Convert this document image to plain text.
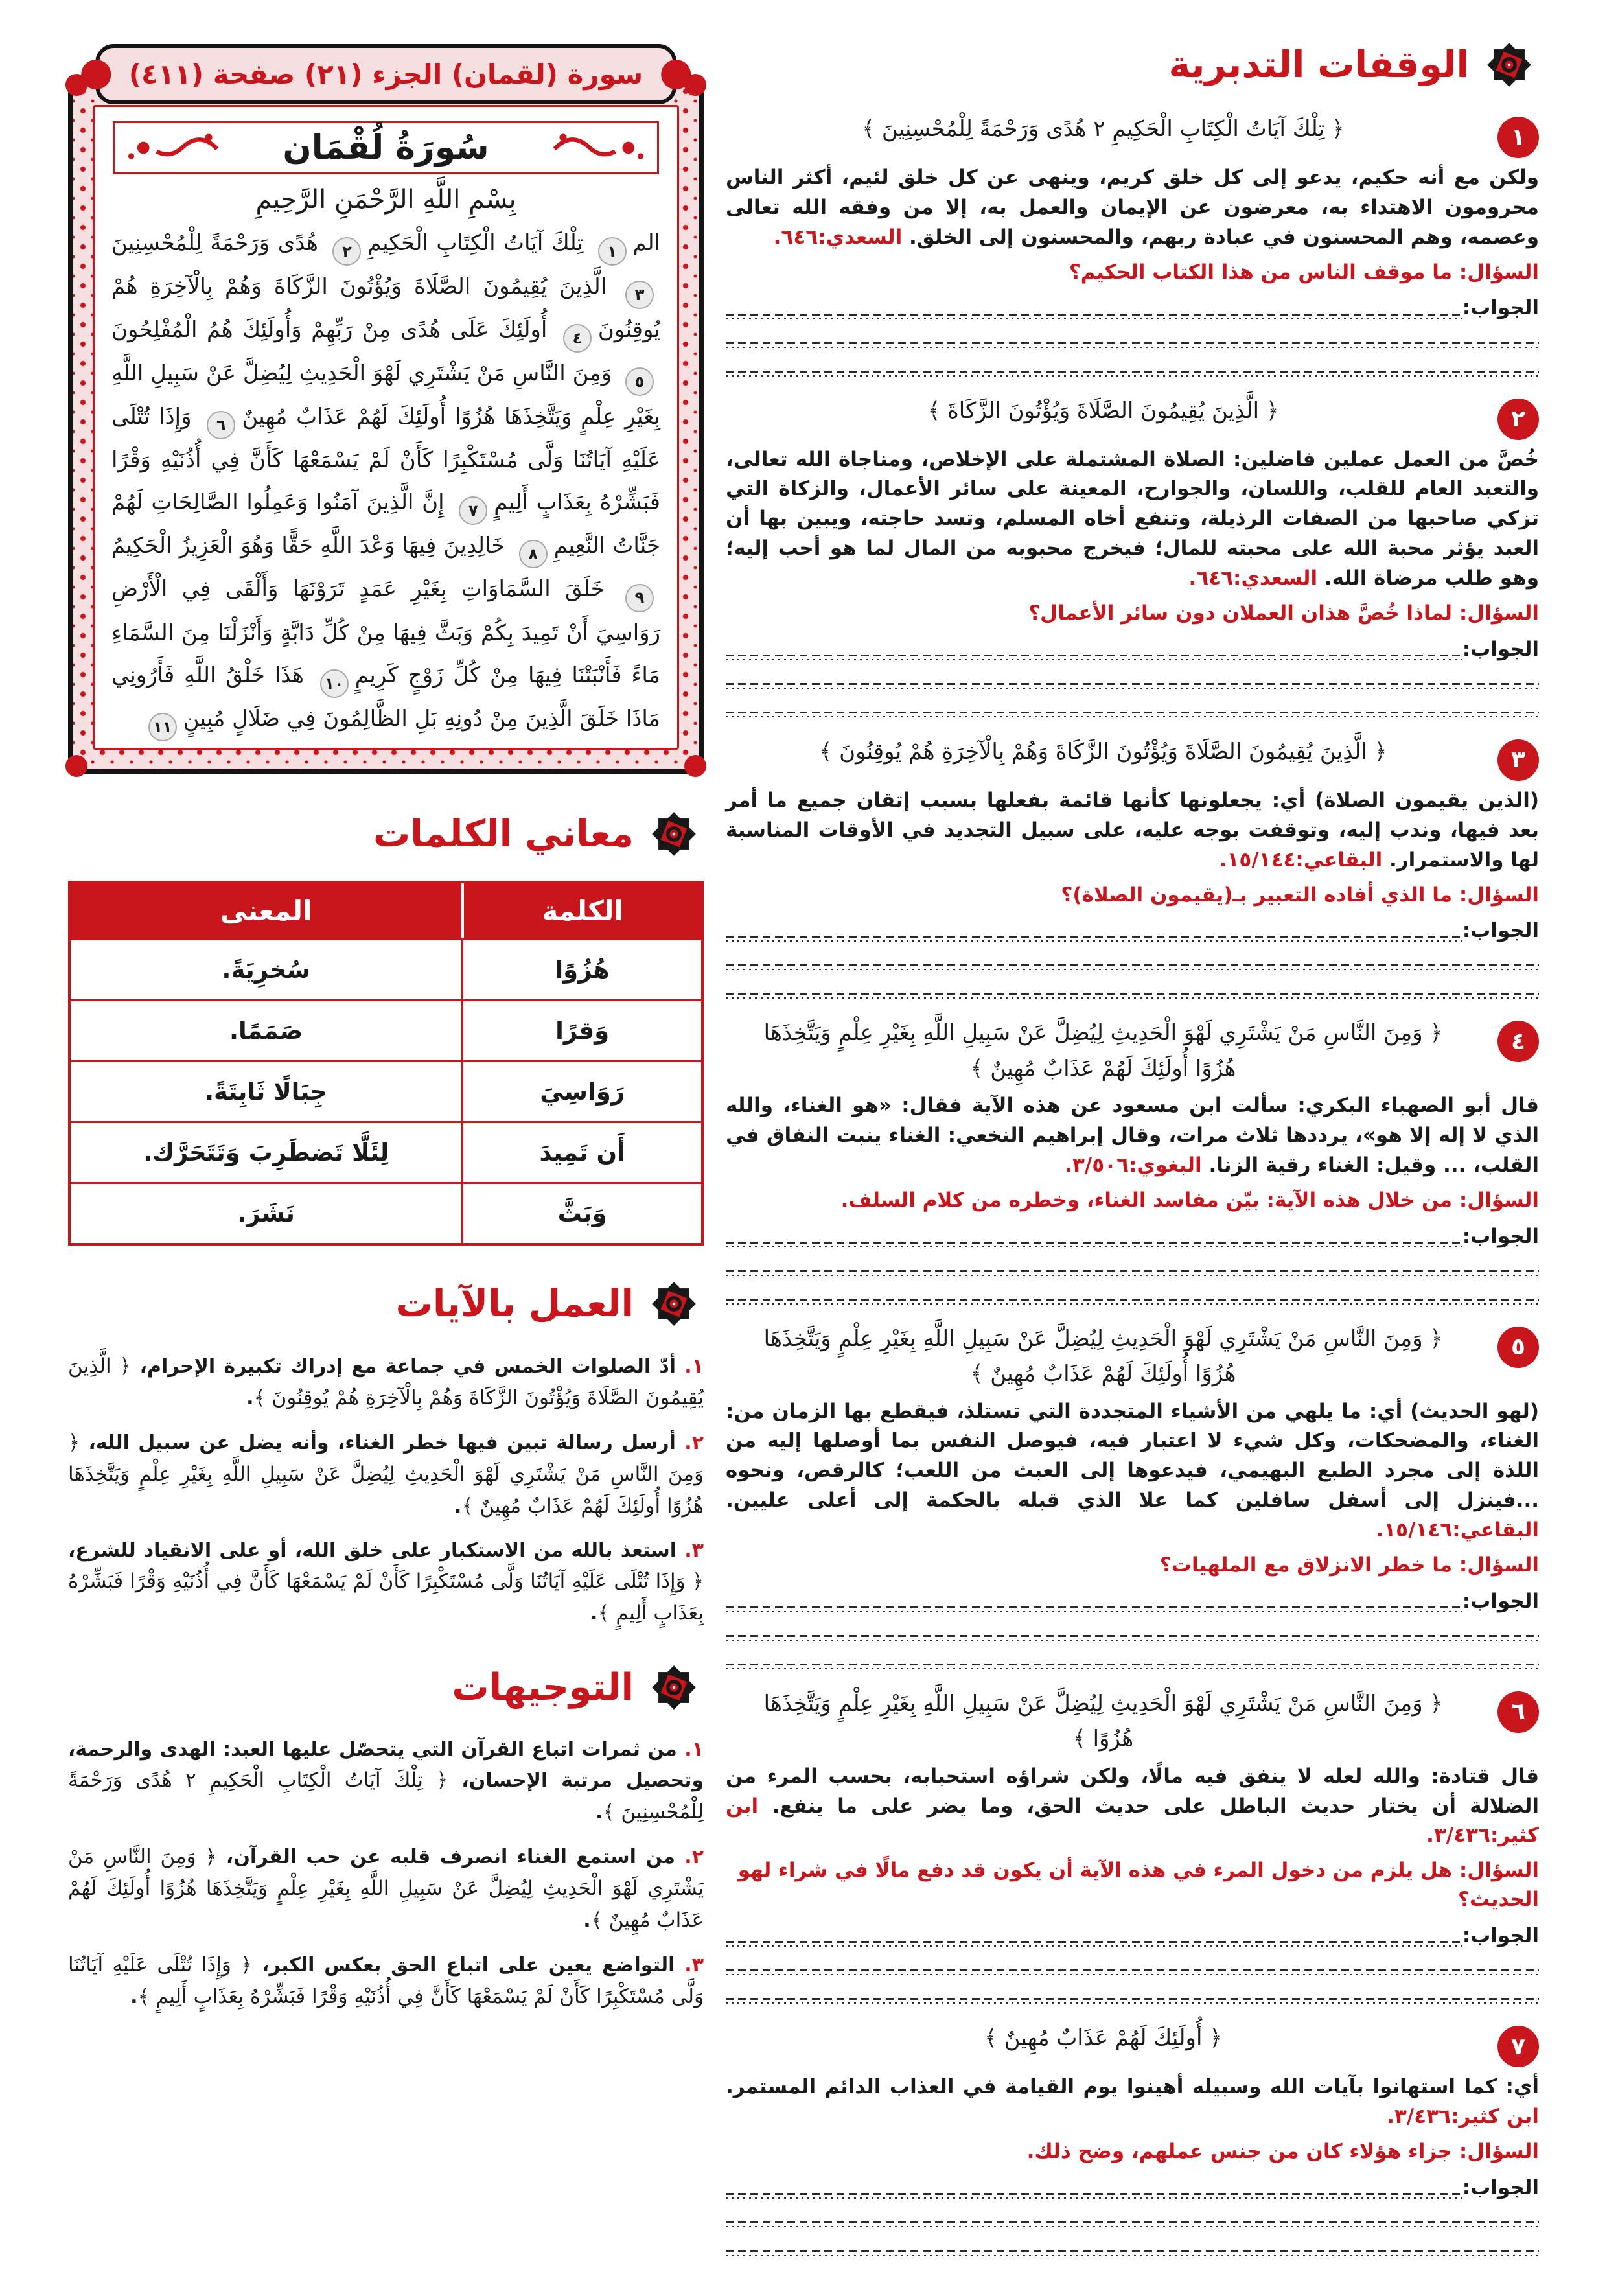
الوقفات التدبرية
١
﴿ تِلْكَ آيَاتُ الْكِتَابِ الْحَكِيمِ ٢ هُدًى وَرَحْمَةً لِلْمُحْسِنِينَ ﴾
ولكن مع أنه حكيم، يدعو إلى كل خلق كريم، وينهى عن كل خلق لئيم، أكثر الناس محرومون الاهتداء به، معرضون عن الإيمان والعمل به، إلا من وفقه الله تعالى وعصمه، وهم المحسنون في عبادة ربهم، والمحسنون إلى الخلق. السعدي:٦٤٦.
السؤال: ما موقف الناس من هذا الكتاب الحكيم؟
الجواب:
٢
﴿ الَّذِينَ يُقِيمُونَ الصَّلَاةَ وَيُؤْتُونَ الزَّكَاةَ ﴾
خُصَّ من العمل عملين فاضلين: الصلاة المشتملة على الإخلاص، ومناجاة الله تعالى، والتعبد العام للقلب، واللسان، والجوارح، المعينة على سائر الأعمال، والزكاة التي تزكي صاحبها من الصفات الرذيلة، وتنفع أخاه المسلم، وتسد حاجته، ويبين بها أن العبد يؤثر محبة الله على محبته للمال؛ فيخرج محبوبه من المال لما هو أحب إليه؛ وهو طلب مرضاة الله. السعدي:٦٤٦.
السؤال: لماذا خُصَّ هذان العملان دون سائر الأعمال؟
الجواب:
٣
﴿ الَّذِينَ يُقِيمُونَ الصَّلَاةَ وَيُؤْتُونَ الزَّكَاةَ وَهُمْ بِالْآخِرَةِ هُمْ يُوقِنُونَ ﴾
(الذين يقيمون الصلاة) أي: يجعلونها كأنها قائمة بفعلها بسبب إتقان جميع ما أمر بعد فيها، وندب إليه، وتوقفت بوجه عليه، على سبيل التجديد في الأوقات المناسبة لها والاستمرار. البقاعي:١٥/١٤٤.
السؤال: ما الذي أفاده التعبير بـ(يقيمون الصلاة)؟
الجواب:
٤
﴿ وَمِنَ النَّاسِ مَنْ يَشْتَرِي لَهْوَ الْحَدِيثِ لِيُضِلَّ عَنْ سَبِيلِ اللَّهِ بِغَيْرِ عِلْمٍ وَيَتَّخِذَهَا هُزُوًا أُولَئِكَ لَهُمْ عَذَابٌ مُهِينٌ ﴾
قال أبو الصهباء البكري: سألت ابن مسعود عن هذه الآية فقال: «هو الغناء، والله الذي لا إله إلا هو»، يرددها ثلاث مرات، وقال إبراهيم النخعي: الغناء ينبت النفاق في القلب، ... وقيل: الغناء رقية الزنا. البغوي:٣/٥٠٦.
السؤال: من خلال هذه الآية: بيّن مفاسد الغناء، وخطره من كلام السلف.
الجواب:
٥
﴿ وَمِنَ النَّاسِ مَنْ يَشْتَرِي لَهْوَ الْحَدِيثِ لِيُضِلَّ عَنْ سَبِيلِ اللَّهِ بِغَيْرِ عِلْمٍ وَيَتَّخِذَهَا هُزُوًا أُولَئِكَ لَهُمْ عَذَابٌ مُهِينٌ ﴾
(لهو الحديث) أي: ما يلهي من الأشياء المتجددة التي تستلذ، فيقطع بها الزمان من: الغناء، والمضحكات، وكل شيء لا اعتبار فيه، فيوصل النفس بما أوصلها إليه من اللذة إلى مجرد الطبع البهيمي، فيدعوها إلى العبث من اللعب؛ كالرقص، ونحوه ...فينزل إلى أسفل سافلين كما علا الذي قبله بالحكمة إلى أعلى عليين. البقاعي:١٥/١٤٦.
السؤال: ما خطر الانزلاق مع الملهيات؟
الجواب:
٦
﴿ وَمِنَ النَّاسِ مَنْ يَشْتَرِي لَهْوَ الْحَدِيثِ لِيُضِلَّ عَنْ سَبِيلِ اللَّهِ بِغَيْرِ عِلْمٍ وَيَتَّخِذَهَا هُزُوًا ﴾
قال قتادة: والله لعله لا ينفق فيه مالًا، ولكن شراؤه استحبابه، بحسب المرء من الضلالة أن يختار حديث الباطل على حديث الحق، وما يضر على ما ينفع. ابن كثير:٣/٤٣٦.
السؤال: هل يلزم من دخول المرء في هذه الآية أن يكون قد دفع مالًا في شراء لهو الحديث؟
الجواب:
٧
﴿ أُولَئِكَ لَهُمْ عَذَابٌ مُهِينٌ ﴾
أي: كما استهانوا بآيات الله وسبيله أهينوا يوم القيامة في العذاب الدائم المستمر. ابن كثير:٣/٤٣٦.
السؤال: جزاء هؤلاء كان من جنس عملهم، وضح ذلك.
الجواب:
سورة (لقمان) الجزء (٢١) صفحة (٤١١)
سُورَةُ لُقْمَان
بِسْمِ اللَّهِ الرَّحْمَنِ الرَّحِيمِ
الم١ تِلْكَ آيَاتُ الْكِتَابِ الْحَكِيمِ٢ هُدًى وَرَحْمَةً لِلْمُحْسِنِينَ٣ الَّذِينَ يُقِيمُونَ الصَّلَاةَ وَيُؤْتُونَ الزَّكَاةَ وَهُمْ بِالْآخِرَةِ هُمْ يُوقِنُونَ٤ أُولَئِكَ عَلَى هُدًى مِنْ رَبِّهِمْ وَأُولَئِكَ هُمُ الْمُفْلِحُونَ٥ وَمِنَ النَّاسِ مَنْ يَشْتَرِي لَهْوَ الْحَدِيثِ لِيُضِلَّ عَنْ سَبِيلِ اللَّهِ بِغَيْرِ عِلْمٍ وَيَتَّخِذَهَا هُزُوًا أُولَئِكَ لَهُمْ عَذَابٌ مُهِينٌ٦ وَإِذَا تُتْلَى عَلَيْهِ آيَاتُنَا وَلَّى مُسْتَكْبِرًا كَأَنْ لَمْ يَسْمَعْهَا كَأَنَّ فِي أُذُنَيْهِ وَقْرًا فَبَشِّرْهُ بِعَذَابٍ أَلِيمٍ٧ إِنَّ الَّذِينَ آمَنُوا وَعَمِلُوا الصَّالِحَاتِ لَهُمْ جَنَّاتُ النَّعِيمِ٨ خَالِدِينَ فِيهَا وَعْدَ اللَّهِ حَقًّا وَهُوَ الْعَزِيزُ الْحَكِيمُ٩ خَلَقَ السَّمَاوَاتِ بِغَيْرِ عَمَدٍ تَرَوْنَهَا وَأَلْقَى فِي الْأَرْضِ رَوَاسِيَ أَنْ تَمِيدَ بِكُمْ وَبَثَّ فِيهَا مِنْ كُلِّ دَابَّةٍ وَأَنْزَلْنَا مِنَ السَّمَاءِ مَاءً فَأَنْبَتْنَا فِيهَا مِنْ كُلِّ زَوْجٍ كَرِيمٍ١٠ هَذَا خَلْقُ اللَّهِ فَأَرُونِي مَاذَا خَلَقَ الَّذِينَ مِنْ دُونِهِ بَلِ الظَّالِمُونَ فِي ضَلَالٍ مُبِينٍ١١
معاني الكلمات
الكلمة
المعنى
هُزُوًا
سُخرِيَةً.
وَقرًا
صَمَمًا.
رَوَاسِيَ
جِبَالًا ثَابِتَةً.
أَن تَمِيدَ
لِئَلَّا تَضطَرِبَ وَتَتَحَرَّك.
وَبَثَّ
نَشَرَ.
العمل بالآيات
١. أدّ الصلوات الخمس في جماعة مع إدراك تكبيرة الإحرام، ﴿ الَّذِينَ يُقِيمُونَ الصَّلَاةَ وَيُؤْتُونَ الزَّكَاةَ وَهُمْ بِالْآخِرَةِ هُمْ يُوقِنُونَ ﴾.
٢. أرسل رسالة تبين فيها خطر الغناء، وأنه يضل عن سبيل الله، ﴿ وَمِنَ النَّاسِ مَنْ يَشْتَرِي لَهْوَ الْحَدِيثِ لِيُضِلَّ عَنْ سَبِيلِ اللَّهِ بِغَيْرِ عِلْمٍ وَيَتَّخِذَهَا هُزُوًا أُولَئِكَ لَهُمْ عَذَابٌ مُهِينٌ ﴾.
٣. استعذ بالله من الاستكبار على خلق الله، أو على الانقياد للشرع، ﴿ وَإِذَا تُتْلَى عَلَيْهِ آيَاتُنَا وَلَّى مُسْتَكْبِرًا كَأَنْ لَمْ يَسْمَعْهَا كَأَنَّ فِي أُذُنَيْهِ وَقْرًا فَبَشِّرْهُ بِعَذَابٍ أَلِيمٍ ﴾.
التوجيهات
١. من ثمرات اتباع القرآن التي يتحصّل عليها العبد: الهدى والرحمة، وتحصيل مرتبة الإحسان، ﴿ تِلْكَ آيَاتُ الْكِتَابِ الْحَكِيمِ ٢ هُدًى وَرَحْمَةً لِلْمُحْسِنِينَ ﴾.
٢. من استمع الغناء انصرف قلبه عن حب القرآن، ﴿ وَمِنَ النَّاسِ مَنْ يَشْتَرِي لَهْوَ الْحَدِيثِ لِيُضِلَّ عَنْ سَبِيلِ اللَّهِ بِغَيْرِ عِلْمٍ وَيَتَّخِذَهَا هُزُوًا أُولَئِكَ لَهُمْ عَذَابٌ مُهِينٌ ﴾.
٣. التواضع يعين على اتباع الحق بعكس الكبر، ﴿ وَإِذَا تُتْلَى عَلَيْهِ آيَاتُنَا وَلَّى مُسْتَكْبِرًا كَأَنْ لَمْ يَسْمَعْهَا كَأَنَّ فِي أُذُنَيْهِ وَقْرًا فَبَشِّرْهُ بِعَذَابٍ أَلِيمٍ ﴾.
